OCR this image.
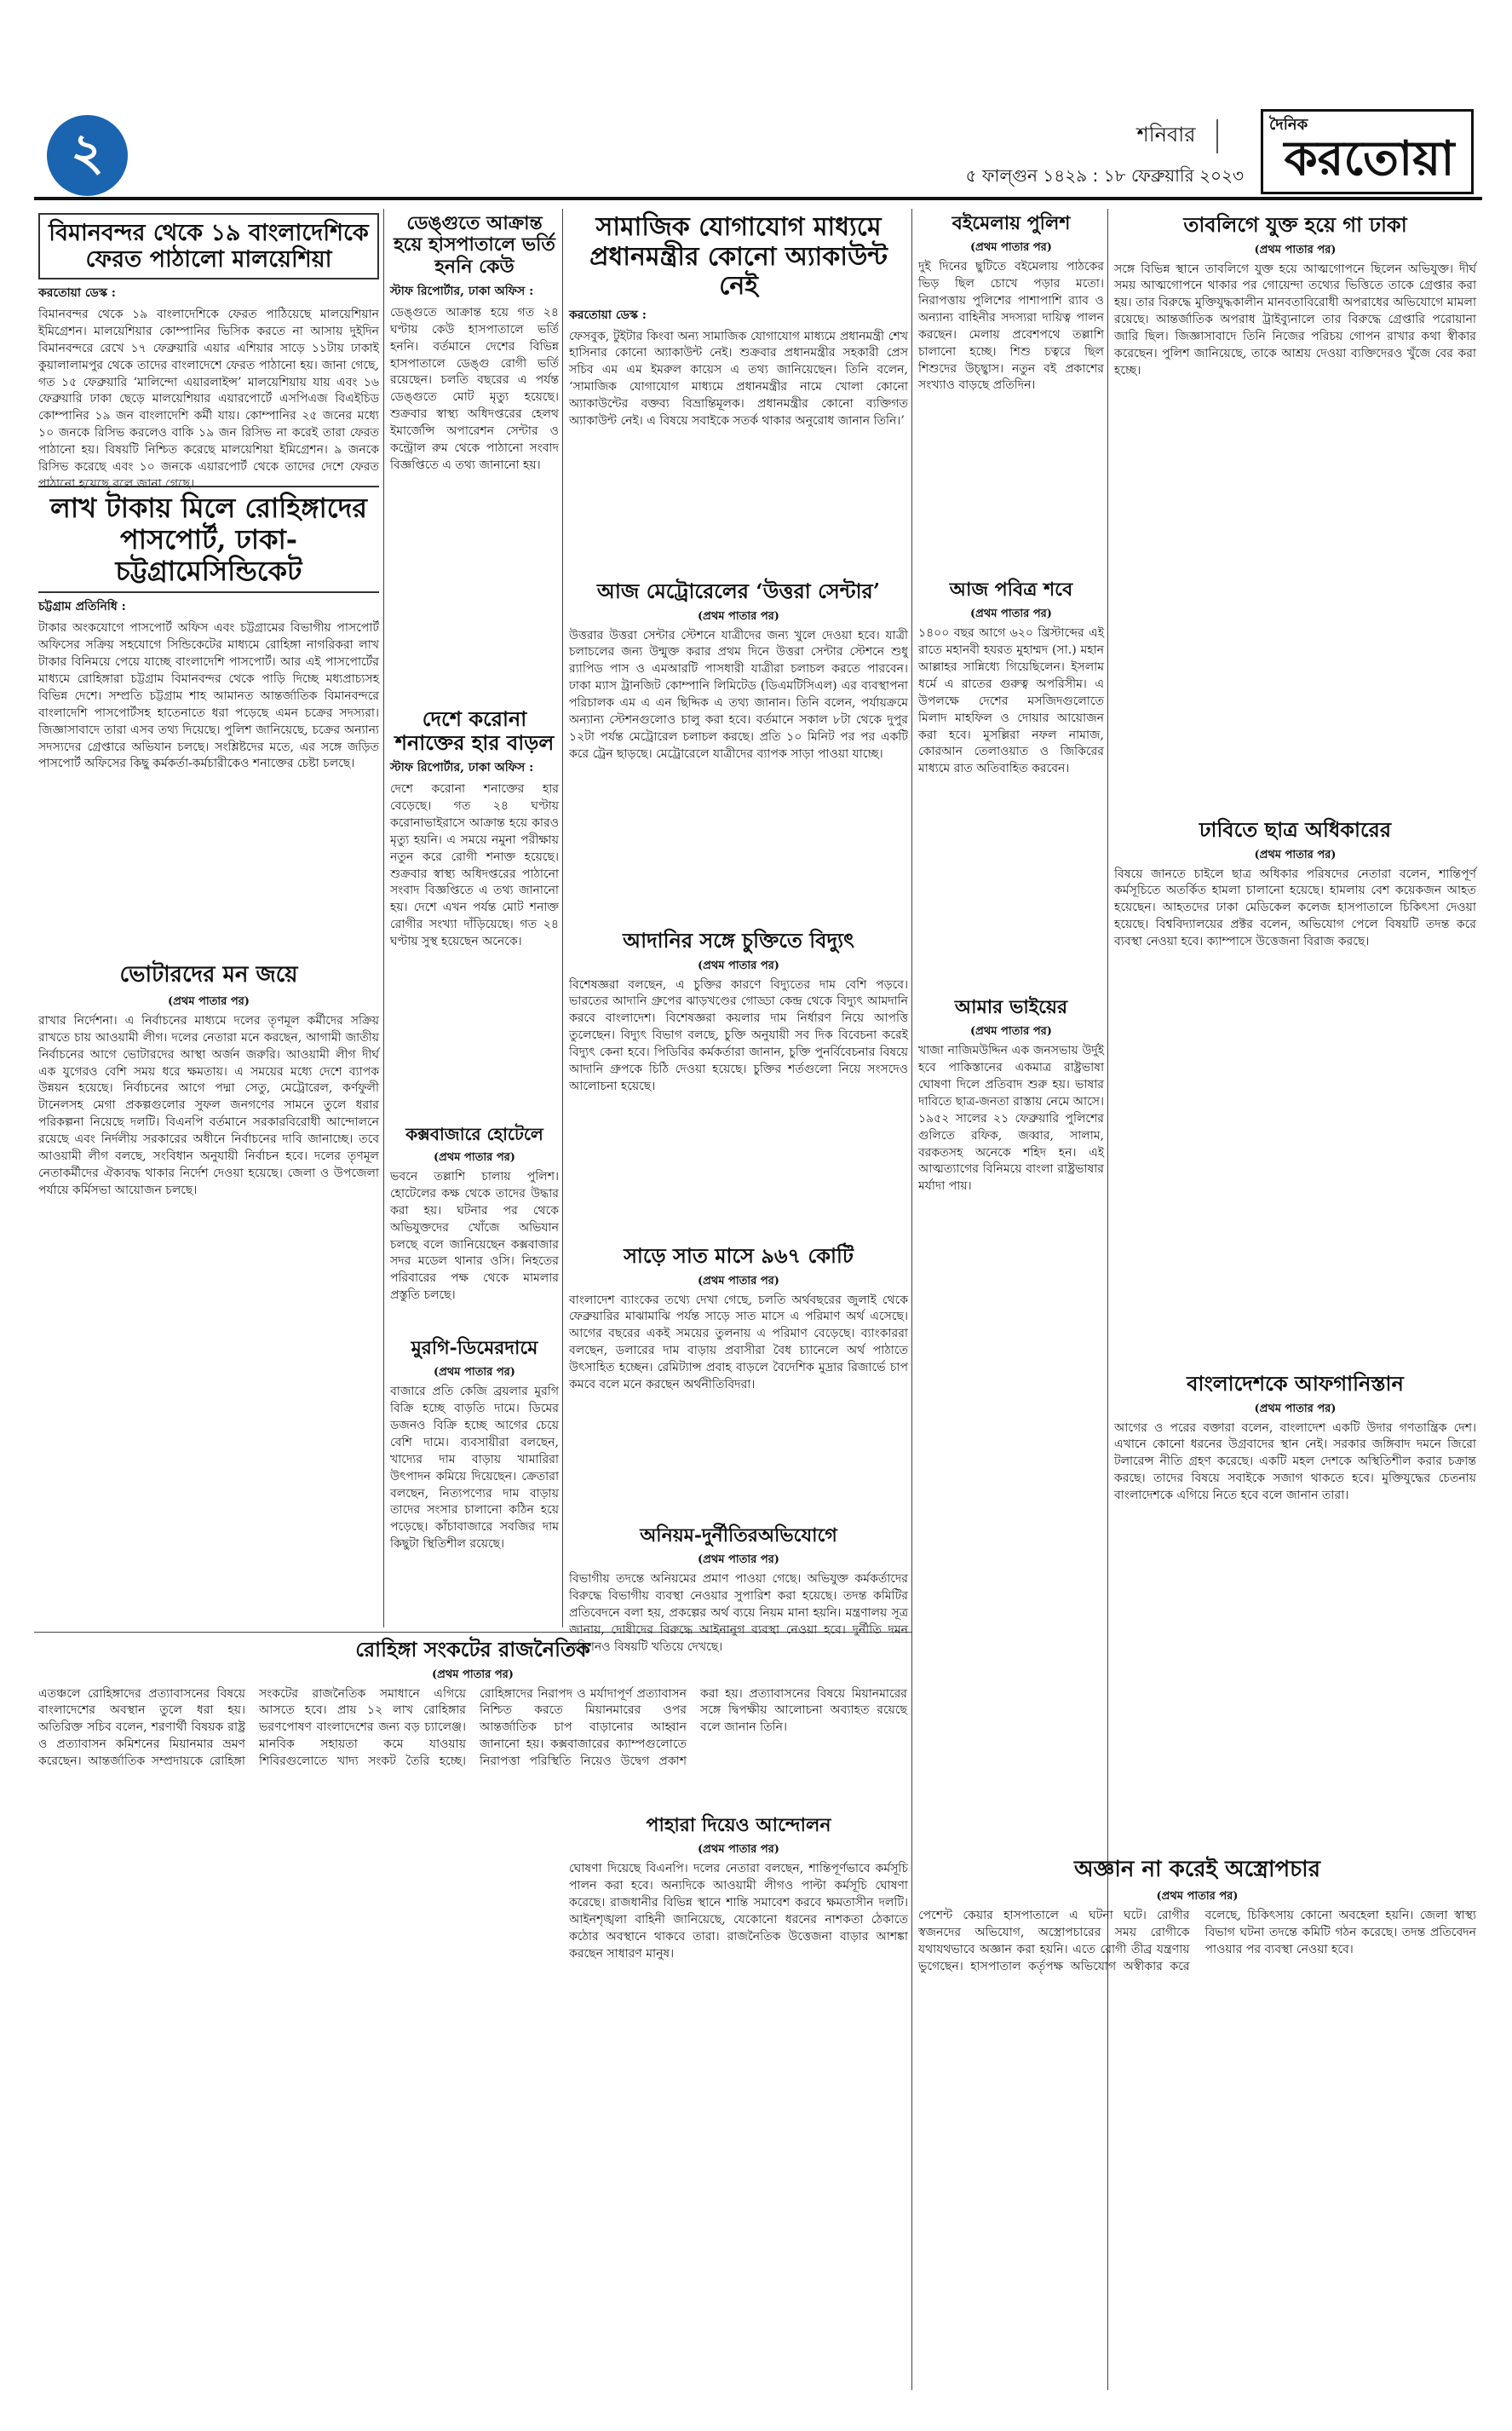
২	শনিবার
৫ ফাল্গুন ১৪২৯ : ১৮ ফেব্রুয়ারি ২০২৩
দৈনিক
করতোয়া
বিমানবন্দর থেকে ১৯ বাংলাদেশিকে ফেরত পাঠালো মালয়েশিয়া
করতোয়া ডেস্ক :

বিমানবন্দর থেকে ১৯ বাংলাদেশিকে ফেরত পাঠিয়েছে মালয়েশিয়ান ইমিগ্রেশন। মালয়েশিয়ার কোম্পানির ভিসিক করতে না আসায় দুইদিন বিমানবন্দরে রেখে ১৭ ফেব্রুয়ারি এয়ার এশিয়ার সাড়ে ১১টায় ঢাকাই কুয়ালালামপুর থেকে তাদের বাংলাদেশে ফেরত পাঠানো হয়। জানা গেছে, গত ১৫ ফেব্রুয়ারি ‘মালিন্দো এয়ারলাইন্স’ মালয়েশিয়ায় যায় এবং ১৬ ফেব্রুয়ারি ঢাকা ছেড়ে মালয়েশিয়ার এয়ারপোর্টে এসপিএজ বিএইচিড কোম্পানির ১৯ জন বাংলাদেশি কর্মী যায়। কোম্পানির ২৫ জনের মধ্যে ১০ জনকে রিসিভ করলেও বাকি ১৯ জন রিসিভ না করেই তারা ফেরত পাঠানো হয়। বিষয়টি নিশ্চিত করেছে মালয়েশিয়া ইমিগ্রেশন। ৯ জনকে রিসিভ করেছে এবং ১০ জনকে এয়ারপোর্ট থেকে তাদের দেশে ফেরত পাঠানো হয়েছে বলে জানা গেছে।

লাখ টাকায় মিলে রোহিঙ্গাদের পাসপোর্ট, ঢাকা-চট্টগ্রামেসিন্ডিকেট
চট্টগ্রাম প্রতিনিধি :

টাকার অংকযোগে পাসপোর্ট অফিস এবং চট্টগ্রামের বিভাগীয় পাসপোর্ট অফিসের সক্রিয় সহযোগে সিন্ডিকেটের মাধ্যমে রোহিঙ্গা নাগরিকরা লাখ টাকার বিনিময়ে পেয়ে যাচ্ছে বাংলাদেশি পাসপোর্ট। আর এই পাসপোর্টের মাধ্যমে রোহিঙ্গারা চট্টগ্রাম বিমানবন্দর থেকে পাড়ি দিচ্ছে মধ্যপ্রাচ্যসহ বিভিন্ন দেশে। সম্প্রতি চট্টগ্রাম শাহ আমানত আন্তর্জাতিক বিমানবন্দরে বাংলাদেশি পাসপোর্টসহ হাতেনাতে ধরা পড়েছে এমন চক্রের সদস্যরা। জিজ্ঞাসাবাদে তারা এসব তথ্য দিয়েছে। পুলিশ জানিয়েছে, চক্রের অন্যান্য সদস্যদের গ্রেপ্তারে অভিযান চলছে। সংশ্লিষ্টদের মতে, এর সঙ্গে জড়িত পাসপোর্ট অফিসের কিছু কর্মকর্তা-কর্মচারীকেও শনাক্তের চেষ্টা চলছে।

ভোটারদের মন জয়ে
(প্রথম পাতার পর)

রাখার নির্দেশনা। এ নির্বাচনের মাধ্যমে দলের তৃণমূল কর্মীদের সক্রিয় রাখতে চায় আওয়ামী লীগ। দলের নেতারা মনে করছেন, আগামী জাতীয় নির্বাচনের আগে ভোটারদের আস্থা অর্জন জরুরি। আওয়ামী লীগ দীর্ঘ এক যুগেরও বেশি সময় ধরে ক্ষমতায়। এ সময়ের মধ্যে দেশে ব্যাপক উন্নয়ন হয়েছে। নির্বাচনের আগে পদ্মা সেতু, মেট্রোরেল, কর্ণফুলী টানেলসহ মেগা প্রকল্পগুলোর সুফল জনগণের সামনে তুলে ধরার পরিকল্পনা নিয়েছে দলটি। বিএনপি বর্তমানে সরকারবিরোধী আন্দোলনে রয়েছে এবং নির্দলীয় সরকারের অধীনে নির্বাচনের দাবি জানাচ্ছে। তবে আওয়ামী লীগ বলছে, সংবিধান অনুযায়ী নির্বাচন হবে। দলের তৃণমূল নেতাকর্মীদের ঐক্যবদ্ধ থাকার নির্দেশ দেওয়া হয়েছে। জেলা ও উপজেলা পর্যায়ে কর্মিসভা আয়োজন চলছে।

ডেঙ্গুতে আক্রান্ত হয়ে হাসপাতালে ভর্তি হননি কেউ
স্টাফ রিপোর্টার, ঢাকা অফিস :

ডেঙ্গুতে আক্রান্ত হয়ে গত ২৪ ঘণ্টায় কেউ হাসপাতালে ভর্তি হননি। বর্তমানে দেশের বিভিন্ন হাসপাতালে ডেঙ্গু রোগী ভর্তি রয়েছেন। চলতি বছরের এ পর্যন্ত ডেঙ্গুতে মোট মৃত্যু হয়েছে। শুক্রবার স্বাস্থ্য অধিদপ্তরের হেলথ ইমার্জেন্সি অপারেশন সেন্টার ও কন্ট্রোল রুম থেকে পাঠানো সংবাদ বিজ্ঞপ্তিতে এ তথ্য জানানো হয়।

দেশে করোনা শনাক্তের হার বাড়ল
স্টাফ রিপোর্টার, ঢাকা অফিস :

দেশে করোনা শনাক্তের হার বেড়েছে। গত ২৪ ঘণ্টায় করোনাভাইরাসে আক্রান্ত হয়ে কারও মৃত্যু হয়নি। এ সময়ে নমুনা পরীক্ষায় নতুন করে রোগী শনাক্ত হয়েছে। শুক্রবার স্বাস্থ্য অধিদপ্তরের পাঠানো সংবাদ বিজ্ঞপ্তিতে এ তথ্য জানানো হয়। দেশে এখন পর্যন্ত মোট শনাক্ত রোগীর সংখ্যা দাঁড়িয়েছে। গত ২৪ ঘণ্টায় সুস্থ হয়েছেন অনেকে।

কক্সবাজারে হোটেলে
(প্রথম পাতার পর)

ভবনে তল্লাশি চালায় পুলিশ। হোটেলের কক্ষ থেকে তাদের উদ্ধার করা হয়। ঘটনার পর থেকে অভিযুক্তদের খোঁজে অভিযান চলছে বলে জানিয়েছেন কক্সবাজার সদর মডেল থানার ওসি। নিহতের পরিবারের পক্ষ থেকে মামলার প্রস্তুতি চলছে।

মুরগি-ডিমেরদামে
(প্রথম পাতার পর)

বাজারে প্রতি কেজি ব্রয়লার মুরগি বিক্রি হচ্ছে বাড়তি দামে। ডিমের ডজনও বিক্রি হচ্ছে আগের চেয়ে বেশি দামে। ব্যবসায়ীরা বলছেন, খাদ্যের দাম বাড়ায় খামারিরা উৎপাদন কমিয়ে দিয়েছেন। ক্রেতারা বলছেন, নিত্যপণ্যের দাম বাড়ায় তাদের সংসার চালানো কঠিন হয়ে পড়েছে। কাঁচাবাজারে সবজির দাম কিছুটা স্থিতিশীল রয়েছে।

রোহিঙ্গা সংকটের রাজনৈতিক
(প্রথম পাতার পর)

এতঞ্চলে রোহিঙ্গাদের প্রত্যাবাসনের বিষয়ে বাংলাদেশের অবস্থান তুলে ধরা হয়। অতিরিক্ত সচিব বলেন, শরণার্থী বিষয়ক রাষ্ট্র ও প্রত্যাবাসন কমিশনের মিয়ানমার ভ্রমণ করেছেন। আন্তর্জাতিক সম্প্রদায়কে রোহিঙ্গা সংকটের রাজনৈতিক সমাধানে এগিয়ে আসতে হবে। প্রায় ১২ লাখ রোহিঙ্গার ভরণপোষণ বাংলাদেশের জন্য বড় চ্যালেঞ্জ। মানবিক সহায়তা কমে যাওয়ায় শিবিরগুলোতে খাদ্য সংকট তৈরি হচ্ছে। রোহিঙ্গাদের নিরাপদ ও মর্যাদাপূর্ণ প্রত্যাবাসন নিশ্চিত করতে মিয়ানমারের ওপর আন্তর্জাতিক চাপ বাড়ানোর আহ্বান জানানো হয়। কক্সবাজারের ক্যাম্পগুলোতে নিরাপত্তা পরিস্থিতি নিয়েও উদ্বেগ প্রকাশ করা হয়। প্রত্যাবাসনের বিষয়ে মিয়ানমারের সঙ্গে দ্বিপক্ষীয় আলোচনা অব্যাহত রয়েছে বলে জানান তিনি।

সামাজিক যোগাযোগ মাধ্যমে প্রধানমন্ত্রীর কোনো অ্যাকাউন্ট নেই
করতোয়া ডেস্ক :

ফেসবুক, টুইটার কিংবা অন্য সামাজিক যোগাযোগ মাধ্যমে প্রধানমন্ত্রী শেখ হাসিনার কোনো অ্যাকাউন্ট নেই। শুক্রবার প্রধানমন্ত্রীর সহকারী প্রেস সচিব এম এম ইমরুল কায়েস এ তথ্য জানিয়েছেন। তিনি বলেন, ‘সামাজিক যোগাযোগ মাধ্যমে প্রধানমন্ত্রীর নামে খোলা কোনো অ্যাকাউন্টের বক্তব্য বিভ্রান্তিমূলক। প্রধানমন্ত্রীর কোনো ব্যক্তিগত অ্যাকাউন্ট নেই। এ বিষয়ে সবাইকে সতর্ক থাকার অনুরোধ জানান তিনি।’

আজ মেট্রোরেলের ‘উত্তরা সেন্টার’
(প্রথম পাতার পর)

উত্তরার উত্তরা সেন্টার স্টেশনে যাত্রীদের জন্য খুলে দেওয়া হবে। যাত্রী চলাচলের জন্য উন্মুক্ত করার প্রথম দিনে উত্তরা সেন্টার স্টেশনে শুধু র‍্যাপিড পাস ও এমআরটি পাসধারী যাত্রীরা চলাচল করতে পারবেন। ঢাকা ম্যাস ট্রানজিট কোম্পানি লিমিটেড (ডিএমটিসিএল) এর ব্যবস্থাপনা পরিচালক এম এ এন ছিদ্দিক এ তথ্য জানান। তিনি বলেন, পর্যায়ক্রমে অন্যান্য স্টেশনগুলোও চালু করা হবে। বর্তমানে সকাল ৮টা থেকে দুপুর ১২টা পর্যন্ত মেট্রোরেল চলাচল করছে। প্রতি ১০ মিনিট পর পর একটি করে ট্রেন ছাড়ছে। মেট্রোরেলে যাত্রীদের ব্যাপক সাড়া পাওয়া যাচ্ছে।

আদানির সঙ্গে চুক্তিতে বিদ্যুৎ
(প্রথম পাতার পর)

বিশেষজ্ঞরা বলছেন, এ চুক্তির কারণে বিদ্যুতের দাম বেশি পড়বে। ভারতের আদানি গ্রুপের ঝাড়খণ্ডের গোড্ডা কেন্দ্র থেকে বিদ্যুৎ আমদানি করবে বাংলাদেশ। বিশেষজ্ঞরা কয়লার দাম নির্ধারণ নিয়ে আপত্তি তুলেছেন। বিদ্যুৎ বিভাগ বলছে, চুক্তি অনুযায়ী সব দিক বিবেচনা করেই বিদ্যুৎ কেনা হবে। পিডিবির কর্মকর্তারা জানান, চুক্তি পুনর্বিবেচনার বিষয়ে আদানি গ্রুপকে চিঠি দেওয়া হয়েছে। চুক্তির শর্তগুলো নিয়ে সংসদেও আলোচনা হয়েছে।

সাড়ে সাত মাসে ৯৬৭ কোটি
(প্রথম পাতার পর)

বাংলাদেশ ব্যাংকের তথ্যে দেখা গেছে, চলতি অর্থবছরের জুলাই থেকে ফেব্রুয়ারির মাঝামাঝি পর্যন্ত সাড়ে সাত মাসে এ পরিমাণ অর্থ এসেছে। আগের বছরের একই সময়ের তুলনায় এ পরিমাণ বেড়েছে। ব্যাংকাররা বলছেন, ডলারের দাম বাড়ায় প্রবাসীরা বৈধ চ্যানেলে অর্থ পাঠাতে উৎসাহিত হচ্ছেন। রেমিট্যান্স প্রবাহ বাড়লে বৈদেশিক মুদ্রার রিজার্ভে চাপ কমবে বলে মনে করছেন অর্থনীতিবিদরা।

বইমেলায় পুলিশ
(প্রথম পাতার পর)

দুই দিনের ছুটিতে বইমেলায় পাঠকের ভিড় ছিল চোখে পড়ার মতো। নিরাপত্তায় পুলিশের পাশাপাশি র‍্যাব ও অন্যান্য বাহিনীর সদস্যরা দায়িত্ব পালন করছেন। মেলায় প্রবেশপথে তল্লাশি চালানো হচ্ছে। শিশু চত্বরে ছিল শিশুদের উচ্ছ্বাস। নতুন বই প্রকাশের সংখ্যাও বাড়ছে প্রতিদিন।

আজ পবিত্র শবে
(প্রথম পাতার পর)

১৪০০ বছর আগে ৬২০ খ্রিস্টাব্দের এই রাতে মহানবী হযরত মুহাম্মদ (সা.) মহান আল্লাহর সান্নিধ্যে গিয়েছিলেন। ইসলাম ধর্মে এ রাতের গুরুত্ব অপরিসীম। এ উপলক্ষে দেশের মসজিদগুলোতে মিলাদ মাহফিল ও দোয়ার আয়োজন করা হবে। মুসল্লিরা নফল নামাজ, কোরআন তেলাওয়াত ও জিকিরের মাধ্যমে রাত অতিবাহিত করবেন।

আমার ভাইয়ের
(প্রথম পাতার পর)

খাজা নাজিমউদ্দিন এক জনসভায় উর্দুই হবে পাকিস্তানের একমাত্র রাষ্ট্রভাষা ঘোষণা দিলে প্রতিবাদ শুরু হয়। ভাষার দাবিতে ছাত্র-জনতা রাস্তায় নেমে আসে। ১৯৫২ সালের ২১ ফেব্রুয়ারি পুলিশের গুলিতে রফিক, জব্বার, সালাম, বরকতসহ অনেকে শহিদ হন। এই আত্মত্যাগের বিনিময়ে বাংলা রাষ্ট্রভাষার মর্যাদা পায়।

অনিয়ম-দুর্নীতিরঅভিযোগে
(প্রথম পাতার পর)

বিভাগীয় তদন্তে অনিয়মের প্রমাণ পাওয়া গেছে। অভিযুক্ত কর্মকর্তাদের বিরুদ্ধে বিভাগীয় ব্যবস্থা নেওয়ার সুপারিশ করা হয়েছে। তদন্ত কমিটির প্রতিবেদনে বলা হয়, প্রকল্পের অর্থ ব্যয়ে নিয়ম মানা হয়নি। মন্ত্রণালয় সূত্র জানায়, দোষীদের বিরুদ্ধে আইনানুগ ব্যবস্থা নেওয়া হবে। দুর্নীতি দমন কমিশনও বিষয়টি খতিয়ে দেখছে।

পাহারা দিয়েও আন্দোলন
(প্রথম পাতার পর)

ঘোষণা দিয়েছে বিএনপি। দলের নেতারা বলছেন, শান্তিপূর্ণভাবে কর্মসূচি পালন করা হবে। অন্যদিকে আওয়ামী লীগও পাল্টা কর্মসূচি ঘোষণা করেছে। রাজধানীর বিভিন্ন স্থানে শান্তি সমাবেশ করবে ক্ষমতাসীন দলটি। আইনশৃঙ্খলা বাহিনী জানিয়েছে, যেকোনো ধরনের নাশকতা ঠেকাতে কঠোর অবস্থানে থাকবে তারা। রাজনৈতিক উত্তেজনা বাড়ার আশঙ্কা করছেন সাধারণ মানুষ।

তাবলিগে যুক্ত হয়ে গা ঢাকা
(প্রথম পাতার পর)

সঙ্গে বিভিন্ন স্থানে তাবলিগে যুক্ত হয়ে আত্মগোপনে ছিলেন অভিযুক্ত। দীর্ঘ সময় আত্মগোপনে থাকার পর গোয়েন্দা তথ্যের ভিত্তিতে তাকে গ্রেপ্তার করা হয়। তার বিরুদ্ধে মুক্তিযুদ্ধকালীন মানবতাবিরোধী অপরাধের অভিযোগে মামলা রয়েছে। আন্তর্জাতিক অপরাধ ট্রাইব্যুনালে তার বিরুদ্ধে গ্রেপ্তারি পরোয়ানা জারি ছিল। জিজ্ঞাসাবাদে তিনি নিজের পরিচয় গোপন রাখার কথা স্বীকার করেছেন। পুলিশ জানিয়েছে, তাকে আশ্রয় দেওয়া ব্যক্তিদেরও খুঁজে বের করা হচ্ছে।

ঢাবিতে ছাত্র অধিকারের
(প্রথম পাতার পর)

বিষয়ে জানতে চাইলে ছাত্র অধিকার পরিষদের নেতারা বলেন, শান্তিপূর্ণ কর্মসূচিতে অতর্কিত হামলা চালানো হয়েছে। হামলায় বেশ কয়েকজন আহত হয়েছেন। আহতদের ঢাকা মেডিকেল কলেজ হাসপাতালে চিকিৎসা দেওয়া হয়েছে। বিশ্ববিদ্যালয়ের প্রক্টর বলেন, অভিযোগ পেলে বিষয়টি তদন্ত করে ব্যবস্থা নেওয়া হবে। ক্যাম্পাসে উত্তেজনা বিরাজ করছে।

বাংলাদেশকে আফগানিস্তান
(প্রথম পাতার পর)

আগের ও পরের বক্তারা বলেন, বাংলাদেশ একটি উদার গণতান্ত্রিক দেশ। এখানে কোনো ধরনের উগ্রবাদের স্থান নেই। সরকার জঙ্গিবাদ দমনে জিরো টলারেন্স নীতি গ্রহণ করেছে। একটি মহল দেশকে অস্থিতিশীল করার চক্রান্ত করছে। তাদের বিষয়ে সবাইকে সজাগ থাকতে হবে। মুক্তিযুদ্ধের চেতনায় বাংলাদেশকে এগিয়ে নিতে হবে বলে জানান তারা।

অজ্ঞান না করেই অস্ত্রোপচার
(প্রথম পাতার পর)

পেশেন্ট কেয়ার হাসপাতালে এ ঘটনা ঘটে। রোগীর স্বজনদের অভিযোগ, অস্ত্রোপচারের সময় রোগীকে যথাযথভাবে অজ্ঞান করা হয়নি। এতে রোগী তীব্র যন্ত্রণায় ভুগেছেন। হাসপাতাল কর্তৃপক্ষ অভিযোগ অস্বীকার করে বলেছে, চিকিৎসায় কোনো অবহেলা হয়নি। জেলা স্বাস্থ্য বিভাগ ঘটনা তদন্তে কমিটি গঠন করেছে। তদন্ত প্রতিবেদন পাওয়ার পর ব্যবস্থা নেওয়া হবে।
